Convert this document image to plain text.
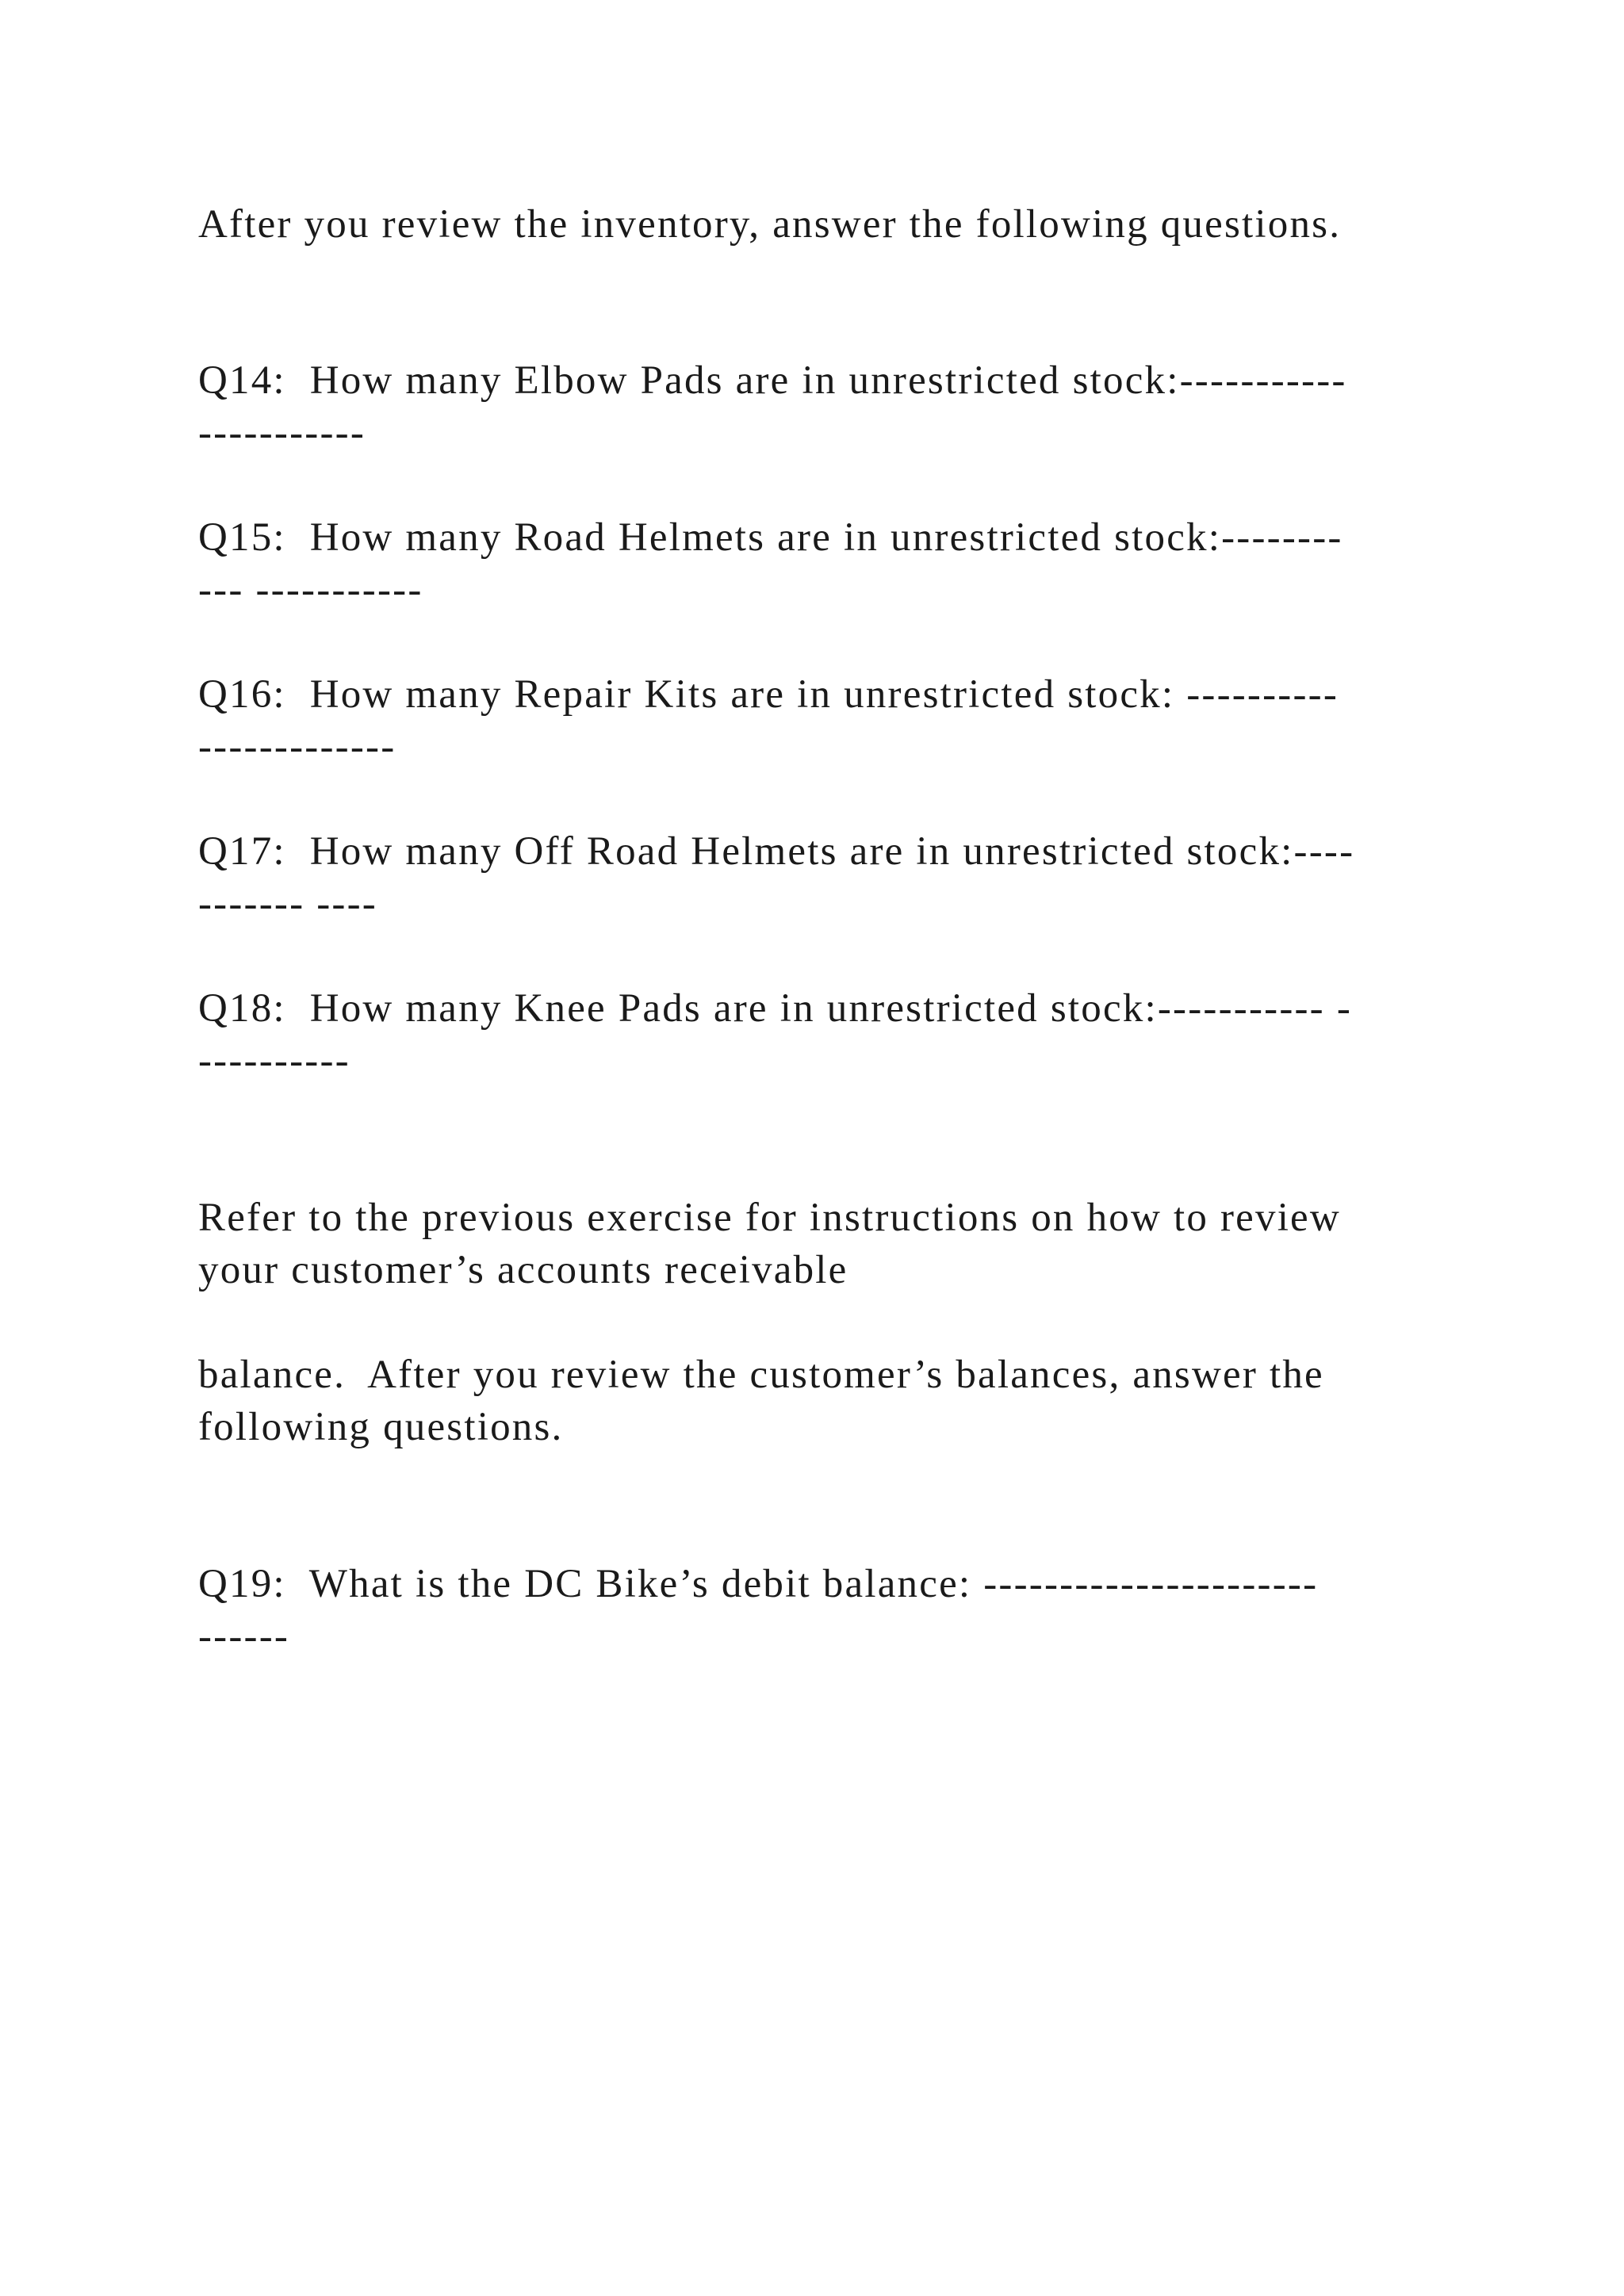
After you review the inventory, answer the following questions.

Q14:  How many Elbow Pads are in unrestricted stock:-----------

-----------

Q15:  How many Road Helmets are in unrestricted stock:--------

--- -----------

Q16:  How many Repair Kits are in unrestricted stock: ----------

-------------

Q17:  How many Off Road Helmets are in unrestricted stock:----

------- ----

Q18:  How many Knee Pads are in unrestricted stock:----------- -

----------

Refer to the previous exercise for instructions on how to review

your customer’s accounts receivable

balance.  After you review the customer’s balances, answer the

following questions.

Q19:  What is the DC Bike’s debit balance: ----------------------

------
